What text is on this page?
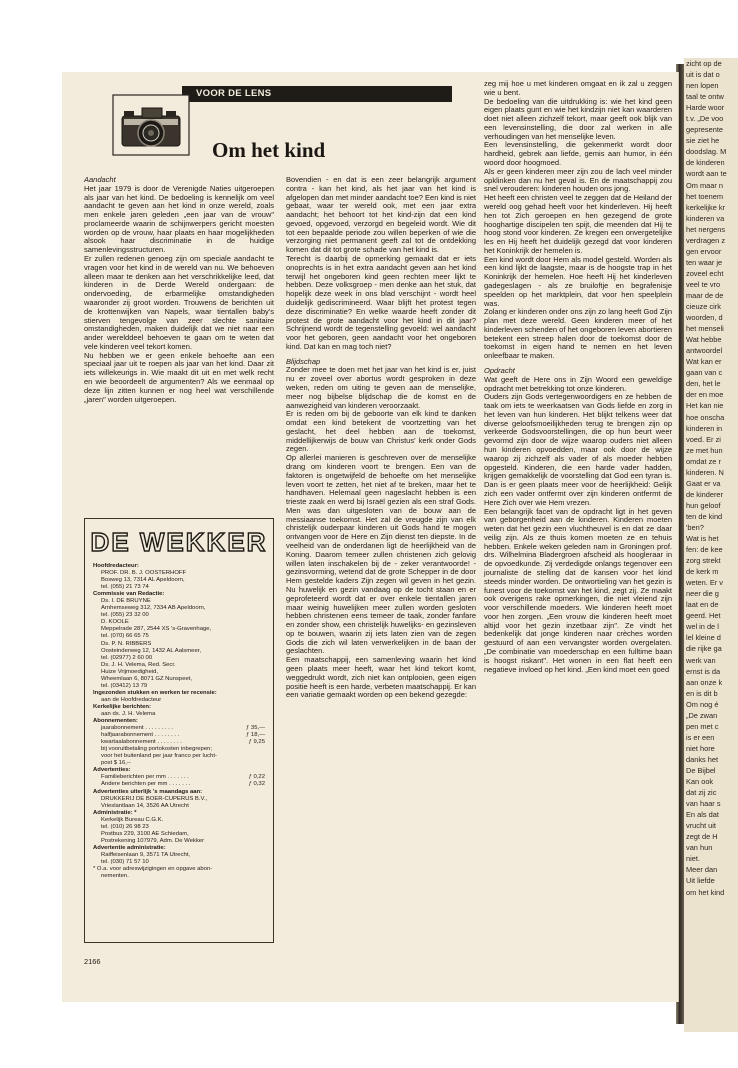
zicht op de
uit is dat o
nen lopen
taal te ontw
Harde woor
t.v. „De voo
gepresente
sie ziet he
doodslag. M
de kinderen
wordt aan te
Om maar n
het toenem
kerkelijke kr
kinderen va
het nergens
verdragen z
gen ervoor
ten waar je
zoveel echt
veel te vro
maar de de
cieuze cirk
woorden, d
het menseli
Wat hebbe
antwoordel
Wat kan er
gaan van c
den, het le
der en moe
Het kan nie
hoe onscha
kinderen in
voed. Er zi
ze met hun
omdat ze r
kinderen. N
Gaat er va
de kinderer
hun geloof
ten de kind
'ben?
Wat is het
fen: de kee
zorg strekt
de kerk m
weten. Er v
neer die g
laat en de
geerd. Het
wel in de l
lel kleine d
die rijke ga
werk van
ernst is da
aan onze k
en is dit b
Om nog é
„De zwan
pen met c
is er een
niet hore
danks het
De Bijbel
Kan ook
dat zij zic
van haar s
En als dat
vrucht uit
zegt de H
van hun
niet.
Meer dan
Uit liefde
om het kind
VOOR DE LENS
Om het kind
Aandacht

Het jaar 1979 is door de Verenigde Naties uitgeroepen als jaar van het kind. De bedoeling is kennelijk om veel aandacht te geven aan het kind in onze wereld, zoals men enkele jaren geleden „een jaar van de vrouw" proclameerde waarin de schijnwerpers gericht moesten worden op de vrouw, haar plaats en haar mogelijkheden alsook haar discriminatie in de huidige samenlevingsstructuren.

Er zullen redenen genoeg zijn om speciale aandacht te vragen voor het kind in de wereld van nu. We behoeven alleen maar te denken aan het verschrikkelijke leed, dat kinderen in de Derde Wereld ondergaan: de ondervoeding, de erbarmelijke omstandigheden waaronder zij groot worden. Trouwens de berichten uit de krottenwijken van Napels, waar tientallen baby's stierven tengevolge van zeer slechte sanitaire omstandigheden, maken duidelijk dat we niet naar een ander werelddeel behoeven te gaan om te weten dat vele kinderen veel tekort komen.

Nu hebben we er geen enkele behoefte aan een speciaal jaar uit te roepen als jaar van het kind. Daar zit iets willekeurigs in. Wie maakt dit uit en met welk recht en wie beoordeelt de argumenten? Als we eenmaal op deze lijn zitten kunnen er nog heel wat verschillende „jaren" worden uitgeroepen.

DE WEKKER
Hoofdredacteur:
PROF. DR. B. J. OOSTERHOFF
Bosweg 13, 7314 AL Apeldoorn,
tel. (055) 21 73 74
Commissie van Redactie:
Ds. I. DE BRUYNE
Arnhemseweg 312, 7334 AB Apeldoorn,
tel. (055) 23 32 00
D. KOOLE
Meppelrade 287, 2544 XS 's-Gravenhage,
tel. (070) 66 65 75
Ds. P. N. RIBBERS
Oosteinderweg 12, 1432 AL Aalsmeer,
tel. (02977) 2 60 00
Ds. J. H. Velema, Red. Secr.
Huize Vrijmoedigheid,
Wheemlaan 6, 8071 GZ Nunspeet,
tel. (03412) 13 79
Ingezonden stukken en werken ter recensie:
aan de Hoofdredacteur
Kerkelijke berichten:
aan ds. J. H. Velema
Abonnementen:
jaarabonnement . . . . . . . . .	ƒ 35,—
halfjaarabonnement . . . . . . . .	ƒ 18,—
kwartaalabonnement . . . . . . . .	ƒ 9,25
bij vooruitbetaling portokosten inbegrepen;
voor het buitenland per jaar franco per lucht-
post $ 16,--
Advertenties:
Familieberichten per mm . . . . . . .	ƒ 0,22
Andere berichten per mm . . . . . . .	ƒ 0,32
Advertenties uiterlijk 's maandags aan:
DRUKKERIJ DE BOER-CUPERUS B.V.,
Vrieslantlaan 14, 3526 AA Utrecht
Administratie: *
Kerkelijk Bureau C.G.K.
tel. (010) 26 98 23
Postbus 229, 3100 AE Schiedam,
Postrekening 107979, Adm. De Wekker
Advertentie administratie:
Raiffeisenlaan 9, 3571 TA Utrecht,
tel. (030) 71 57 10
* O.a. voor adreswijzigingen en opgave abon-
nementen.
2166

Bovendien - en dat is een zeer belangrijk argument contra - kan het kind, als het jaar van het kind is afgelopen dan met minder aandacht toe? Een kind is niet gebaat, waar ter wereld ook, met een jaar extra aandacht; het behoort tot het kind-zijn dat een kind gevoed, opgevoed, verzorgd en begeleid wordt. Wie dit tot een bepaalde periode zou willen beperken of wie die verzorging niet permanent geeft zal tot de ontdekking komen dat dit tot grote schade van het kind is.

Terecht is daarbij de opmerking gemaakt dat er iets onoprechts is in het extra aandacht geven aan het kind terwijl het ongeboren kind geen rechten meer lijkt te hebben. Deze volksgroep - men denke aan het stuk, dat hopelijk deze week in ons blad verschijnt - wordt heel duidelijk gediscrimineerd. Waar blijft het protest tegen deze discriminatie? En welke waarde heeft zonder dit protest de grote aandacht voor het kind in dit jaar? Schrijnend wordt de tegenstelling gevoeld: wel aandacht voor het geboren, geen aandacht voor het ongeboren kind. Dat kan en mag toch niet?

Blijdschap

Zonder mee te doen met het jaar van het kind is er, juist nu er zoveel over abortus wordt gesproken in deze weken, reden om uiting te geven aan de menselijke, meer nog bijbelse blijdschap die de komst en de aanwezigheid van kinderen veroorzaakt.

Er is reden om bij de geboorte van elk kind te danken omdat een kind betekent de voortzetting van het geslacht, het deel hebben aan de toekomst, middellijkerwijs de bouw van Christus' kerk onder Gods zegen.

Op allerlei manieren is geschreven over de menselijke drang om kinderen voort te brengen. Een van de faktoren is ongetwijfeld de behoefte om het menselijke leven voort te zetten, het niet af te breken, maar het te handhaven. Helemaal geen nageslacht hebben is een trieste zaak en werd bij Israël gezien als een straf Gods. Men was dan uitgesloten van de bouw aan de messiaanse toekomst. Het zal de vreugde zijn van elk christelijk ouderpaar kinderen uit Gods hand te mogen ontvangen voor de Here en Zijn dienst ten diepste. In de veelheid van de onderdanen ligt de heerlijkheid van de Koning. Daarom temeer zullen christenen zich gelovig willen laten inschakelen bij de - zeker verantwoorde! - gezinsvorming, wetend dat de grote Schepper in de door Hem gestelde kaders Zijn zegen wil geven in het gezin. Nu huwelijk en gezin vandaag op de tocht staan en er geprofeteerd wordt dat er over enkele tientallen jaren maar weinig huwelijken meer zullen worden gesloten hebben christenen eens temeer de taak, zonder fanfare en zonder show, een christelijk huwelijks- en gezinsleven op te bouwen, waarin zij iets laten zien van de zegen Gods die zich wil laten verwerkelijken in de baan der geslachten.

Een maatschappij, een samenleving waarin het kind geen plaats meer heeft, waar het kind tekort komt, weggedrukt wordt, zich niet kan ontplooien, geen eigen positie heeft is een harde, verbeten maatschappij. Er kan een variatie gemaakt worden op een bekend gezegde:

zeg mij hoe u met kinderen omgaat en ik zal u zeggen wie u bent.

De bedoeling van die uitdrukking is: wie het kind geen eigen plaats gunt en wie het kindzijn niet kan waarderen doet niet alleen zichzelf tekort, maar geeft ook blijk van een levensinstelling, die door zal werken in alle verhoudingen van het menselijke leven.

Een levensinstelling, die gekenmerkt wordt door hardheid, gebrek aan liefde, gemis aan humor, in één woord door hoogmoed.

Als er geen kinderen meer zijn zou de lach veel minder opklinken dan nu het geval is. En de maatschappij zou snel verouderen: kinderen houden ons jong.

Het heeft een christen veel te zeggen dat de Heiland der wereld oog gehad heeft voor het kinderleven. Hij heeft hen tot Zich geroepen en hen gezegend de grote hooghartige discipelen ten spijt, die meenden dat Hij te hoog stond voor kinderen. Ze kregen een onvergetelijke les en Hij heeft het duidelijk gezegd dat voor kinderen het Koninkrijk der hemelen is.

Een kind wordt door Hem als model gesteld. Worden als een kind lijkt de laagste, maar is de hoogste trap in het Koninkrijk der hemelen. Hoe heeft Hij het kinderleven gadegeslagen - als ze bruiloftje en begrafenisje speelden op het marktplein, dat voor hen speelplein was.

Zolang er kinderen onder ons zijn zo lang heeft God Zijn plan met deze wereld. Geen kinderen meer of het kinderleven schenden of het ongeboren leven abortieren betekent een streep halen door de toekomst door de toekomst in eigen hand te nemen en het leven onleefbaar te maken.

Opdracht

Wat geeft de Here ons in Zijn Woord een geweldige opdracht met betrekking tot onze kinderen.

Ouders zijn Gods vertegenwoordigers en ze hebben de taak om iets te weerkaatsen van Gods liefde en zorg in het leven van hun kinderen. Het blijkt telkens weer dat diverse geloofsmoeilijkheden terug te brengen zijn op verkeerde Godsvoorstellingen, die op hun beurt weer gevormd zijn door de wijze waarop ouders niet alleen hun kinderen opvoedden, maar ook door de wijze waarop zij zichzelf als vader of als moeder hebben opgesteld. Kinderen, die een harde vader hadden, krijgen gemakkelijk de voorstelling dat God een tyran is. Dan is er geen plaats meer voor de heerlijkheid: Gelijk zich een vader ontfermt over zijn kinderen ontfermt de Here Zich over wie Hem vrezen.

Een belangrijk facet van de opdracht ligt in het geven van geborgenheid aan de kinderen. Kinderen moeten weten dat het gezin een vluchtheuvel is en dat ze daar veilig zijn. Als ze thuis komen moeten ze en tehuis hebben. Enkele weken geleden nam in Groningen prof. drs. Wilhelmina Bladergroen afscheid als hoogleraar in de opvoedkunde. Zij verdedigde onlangs tegenover een journaliste de stelling dat de kansen voor het kind steeds minder worden. De ontwortieling van het gezin is funest voor de toekomst van het kind, zegt zij. Ze maakt ook overigens rake opmerkingen, die niet vleiend zijn voor verschillende moeders. Wie kinderen heeft moet voor hen zorgen. „Een vrouw die kinderen heeft moet altijd voor het gezin inzetbaar zijn". Ze vindt het bedenkelijk dat jonge kinderen naar crèches worden gestuurd of aan een vervangster worden overgelaten. „De combinatie van moederschap en een fulltime baan is hoogst riskant". Het wonen in een flat heeft een negatieve invloed op het kind. „Een kind moet een goed
